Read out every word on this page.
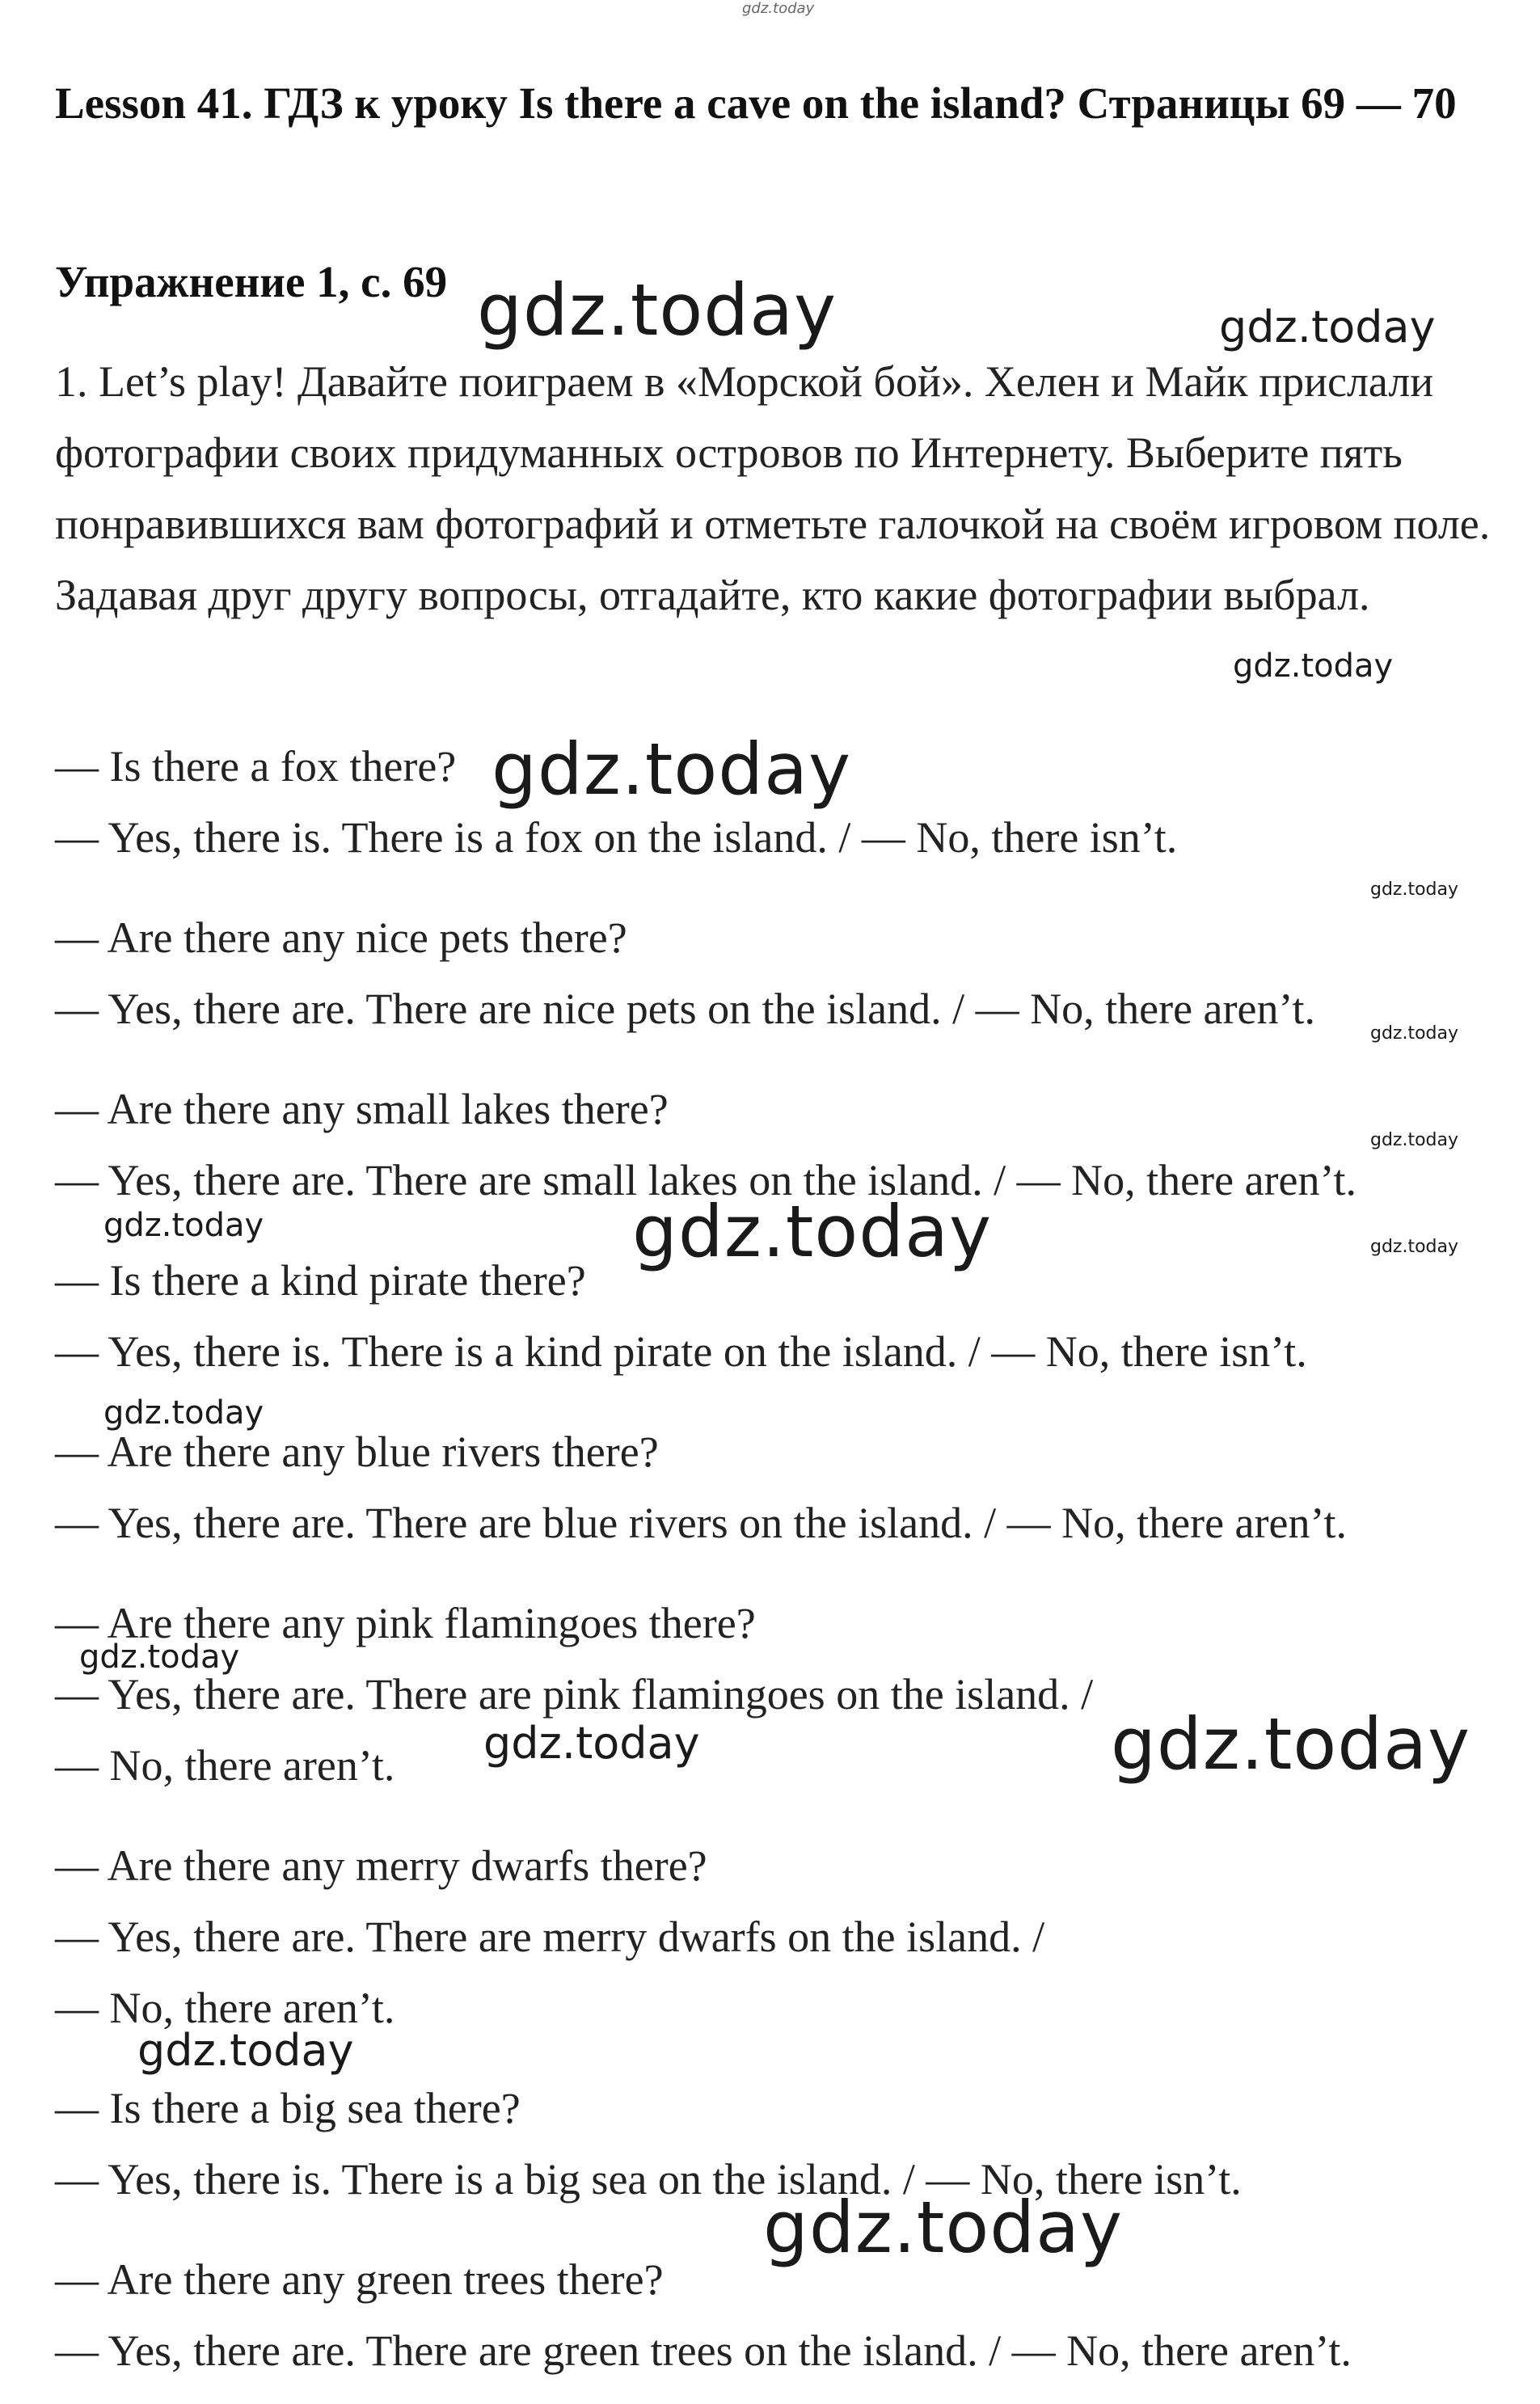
gdz.today
Lesson 41. ГДЗ к уроку Is there a cave on the island? Страницы 69 — 70
Упражнение 1, с. 69

1. Let’s play! Давайте поиграем в «Морской бой». Хелен и Майк прислали фотографии своих придуманных островов по Интернету. Выберите пять понравившихся вам фотографий и отметьте галочкой на своём игровом поле. Задавая друг другу вопросы, отгадайте, кто какие фотографии выбрал.

— Is there a fox there?

— Yes, there is. There is a fox on the island. / — No, there isn’t.

— Are there any nice pets there?

— Yes, there are. There are nice pets on the island. / — No, there aren’t.

— Are there any small lakes there?

— Yes, there are. There are small lakes on the island. / — No, there aren’t.

— Is there a kind pirate there?

— Yes, there is. There is a kind pirate on the island. / — No, there isn’t.

— Are there any blue rivers there?

— Yes, there are. There are blue rivers on the island. / — No, there aren’t.

— Are there any pink flamingoes there?

— Yes, there are. There are pink flamingoes on the island. /

— No, there aren’t.

— Are there any merry dwarfs there?

— Yes, there are. There are merry dwarfs on the island. /

— No, there aren’t.

— Is there a big sea there?

— Yes, there is. There is a big sea on the island. / — No, there isn’t.

— Are there any green trees there?

— Yes, there are. There are green trees on the island. / — No, there aren’t.

gdz.today	gdz.today
gdz.today
gdz.today
gdz.today
gdz.today
gdz.today
gdz.today	gdz.today	gdz.today
gdz.today
gdz.today
gdz.today	gdz.today
gdz.today
gdz.today
